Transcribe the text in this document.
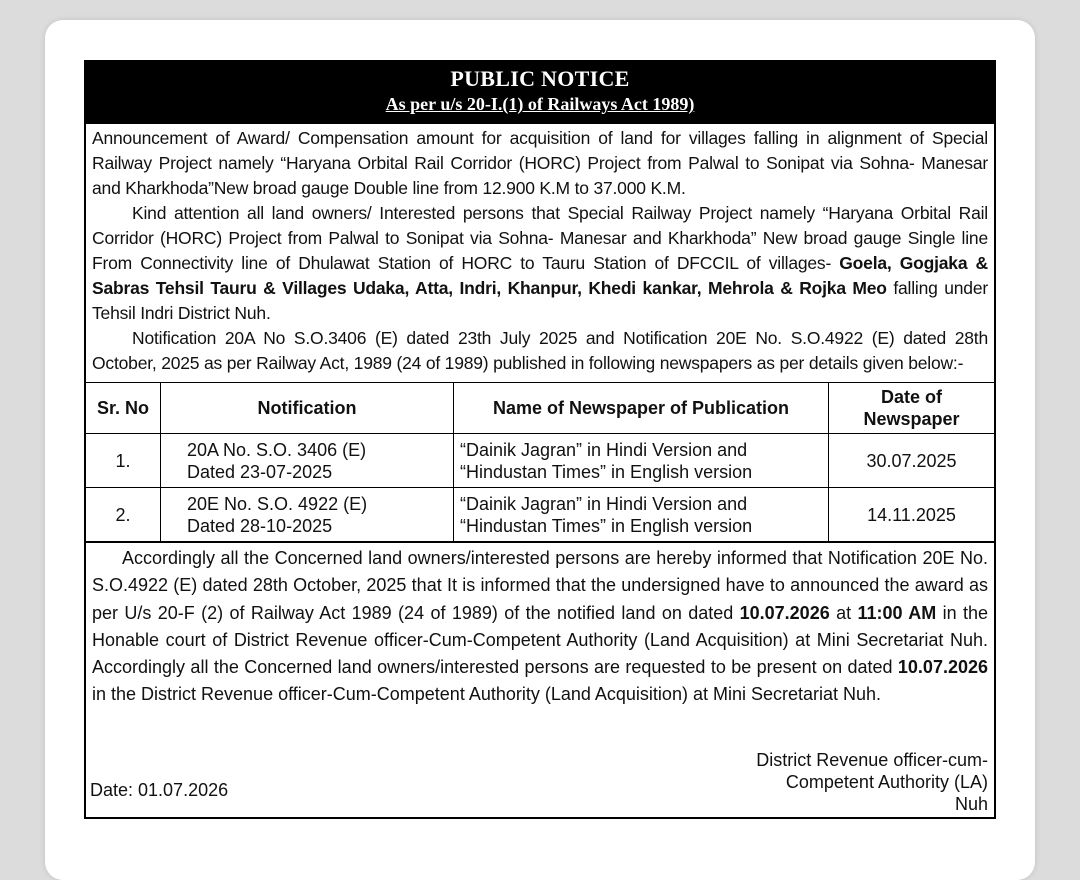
PUBLIC NOTICE
As per u/s 20-I.(1) of Railways Act 1989)

Announcement of Award/ Compensation amount for acquisition of land for villages falling in alignment of Special Railway Project namely “Haryana Orbital Rail Corridor (HORC) Project from Palwal to Sonipat via Sohna- Manesar and Kharkhoda”New broad gauge Double line from 12.900 K.M to 37.000 K.M.

Kind attention all land owners/ Interested persons that Special Railway Project namely “Haryana Orbital Rail Corridor (HORC) Project from Palwal to Sonipat via Sohna- Manesar and Kharkhoda” New broad gauge Single line From Connectivity line of Dhulawat Station of HORC to Tauru Station of DFCCIL of villages- Goela, Gogjaka & Sabras Tehsil Tauru & Villages Udaka, Atta, Indri, Khanpur, Khedi kankar, Mehrola & Rojka Meo falling under Tehsil Indri District Nuh.

Notification 20A No S.O.3406 (E) dated 23th July 2025 and Notification 20E No. S.O.4922 (E) dated 28th October, 2025 as per Railway Act, 1989 (24 of 1989) published in following newspapers as per details given below:-

Sr. No	Notification	Name of Newspaper of Publication	Date of
Newspaper
1.	20A No. S.O. 3406 (E)
Dated 23-07-2025	“Dainik Jagran” in Hindi Version and
“Hindustan Times” in English version	30.07.2025
2.	20E No. S.O. 4922 (E)
Dated 28-10-2025	“Dainik Jagran” in Hindi Version and
“Hindustan Times” in English version	14.11.2025

Accordingly all the Concerned land owners/interested persons are hereby informed that Notification 20E No. S.O.4922 (E) dated 28th October, 2025 that It is informed that the undersigned have to announced the award as per U/s 20-F (2) of Railway Act 1989 (24 of 1989) of the notified land on dated 10.07.2026 at 11:00 AM in the Honable court of District Revenue officer-Cum-Competent Authority (Land Acquisition) at Mini Secretariat Nuh. Accordingly all the Concerned land owners/interested persons are requested to be present on dated 10.07.2026 in the District Revenue officer-Cum-Competent Authority (Land Acquisition) at Mini Secretariat Nuh.

District Revenue officer-cum-
Competent Authority (LA)
Nuh
Date: 01.07.2026
